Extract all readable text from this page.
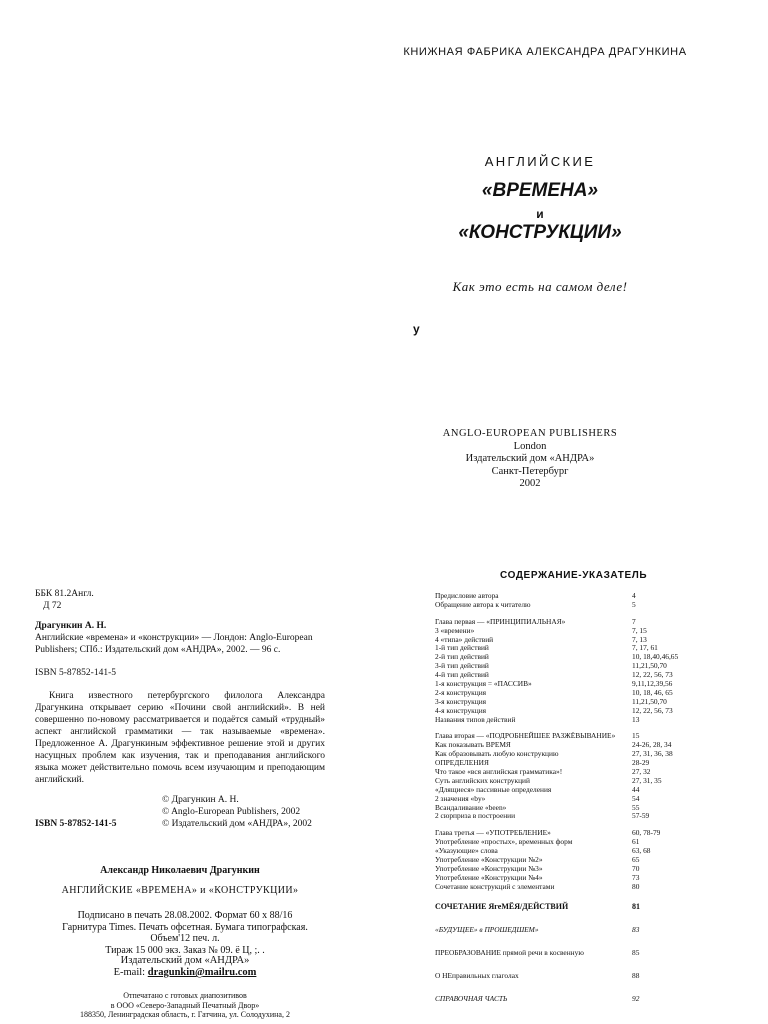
КНИЖНАЯ ФАБРИКА АЛЕКСАНДРА ДРАГУНКИНА
АНГЛИЙСКИЕ
«ВРЕМЕНА»
и
«КОНСТРУКЦИИ»
Как это есть на самом деле!
у
ANGLO-EUROPEAN PUBLISHERS
London
Издательский дом «АНДРА»
Санкт-Петербург
2002
ББК 81.2Англ.
Д 72
Драгункин А. Н.
Английские «времена» и «конструкции» — Лондон: Anglo-European Publishers; СПб.: Издательский дом «АНДРА», 2002. — 96 с.
ISBN 5-87852-141-5
Книга известного петербургского филолога Александра Драгункина открывает серию «Почини свой английский». В ней совершенно по-новому рассматривается и подаётся самый «трудный» аспект английской грамматики — так называемые «времена». Предложенное А. Драгункиным эффективное решение этой и других насущных проблем как изучения, так и преподавания английского языка может действительно помочь всем изучающим и преподающим английский.
© Драгункин А. Н.
© Anglo-European Publishers, 2002
© Издательский дом «АНДРА», 2002
ISBN 5-87852-141-5
Александр Николаевич Драгункин
АНГЛИЙСКИЕ «ВРЕМЕНА» и «КОНСТРУКЦИИ»
Подписано в печать 28.08.2002. Формат 60 х 88/16
Гарнитура Times. Печать офсетная. Бумага типографская. Объем'12 печ. л.
Тираж 15 000 экз. Заказ № 09. ё Ц, ;. .
Издательский дом «АНДРА»
E-mail: dragunkin@mailru.com
Отпечатано с готовых диапозитивов
в ООО «Северо-Западный Печатный Двор»
188350, Ленинградская область, г. Гатчина, ул. Солодухина, 2
СОДЕРЖАНИЕ-УКАЗАТЕЛЬ
Предисловие автора	4
Обращение автора к читателю	5
Глава первая — «ПРИНЦИПИАЛЬНАЯ»	7
3 «времени»	7, 15
4 «типа» действий	7, 13
1-й тип действий	7, 17, 61
2-й тип действий	10, 18,40,46,65
3-й тип действий	11,21,50,70
4-й тип действий	12, 22, 56, 73
1-я конструкция = «ПАССИВ»	9,11,12,39,56
2-я конструкция	10, 18, 46, 65
3-я конструкция	11,21,50,70
4-я конструкция	12, 22, 56, 73
Названия типов действий	13
Глава вторая — «ПОДРОБНЕЙШЕЕ РАЗЖЁВЫВАНИЕ» 15
Как показывать ВРЕМЯ	24-26, 28, 34
Как образовывать любую конструкцию	27, 31, 36, 38
ОПРЕДЕЛЕНИЯ	28-29
Что такое «вся английская грамматика»!	27, 32
Суть английских конструкций	27, 31, 35
«Длящиеся» пассивные определения	44
2 значения «by»	54
Всандаливание «been»	55
2 сюрприза в построении	57-59
Глава третья — «УПОТРЕБЛЕНИЕ»	60, 78-79
Употребление «простых», временных форм	61
«Указующие» слова	63, 68
Употребление «Конструкции №2»	65
Употребление «Конструкции №3»	70
Употребление «Конструкции №4»	73
Сочетание конструкций с элементами	80
СОЧЕТАНИЕ ЯгеМЁЯ/ДЕЙСТВИЙ	81
«БУДУЩЕЕ» в ПРОШЕДШЕМ»	83
ПРЕОБРАЗОВАНИЕ прямой речи в косвенную	85
О НЕправильных глаголах	88
СПРАВОЧНАЯ ЧАСТЬ	92
